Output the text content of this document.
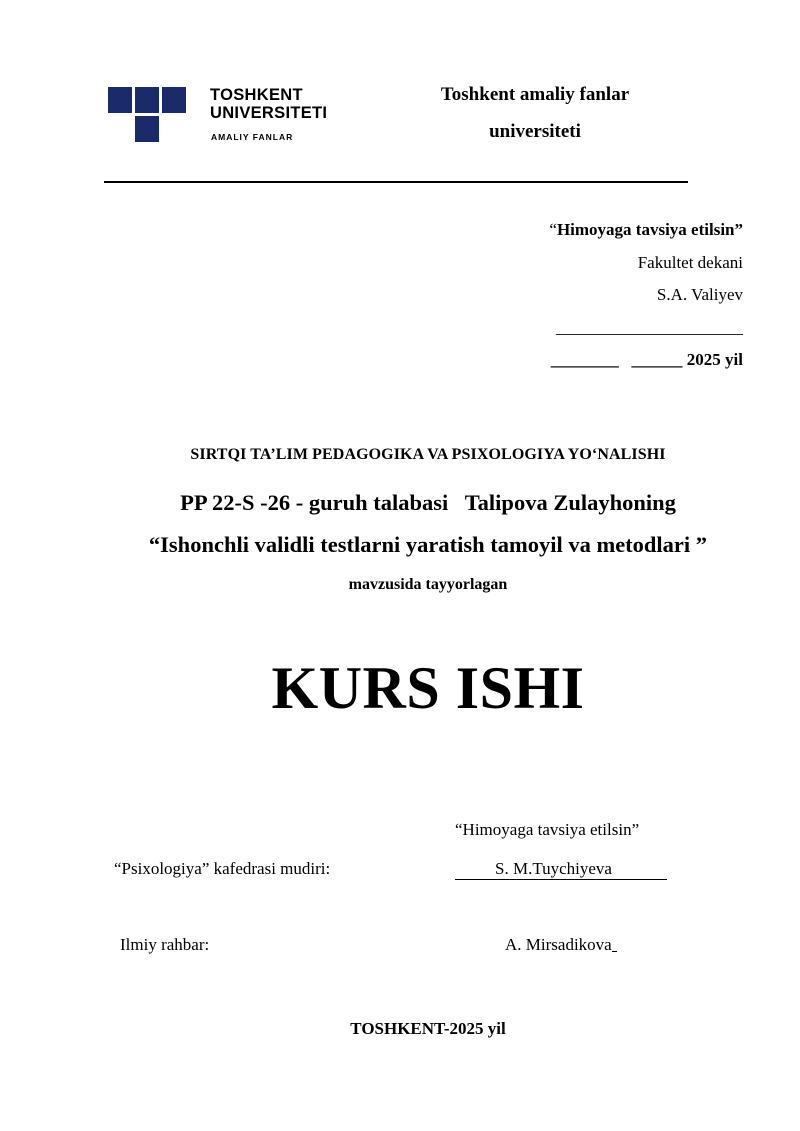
TOSHKENT
UNIVERSITETI
AMALIY FANLAR
Toshkent amaliy fanlar
universiteti
“Himoyaga tavsiya etilsin”
Fakultet dekani
S.A. Valiyev
______________________
________   ______ 2025 yil
SIRTQI TA’LIM PEDAGOGIKA VA PSIXOLOGIYA YO‘NALISHI
PP 22-S -26 - guruh talabasi   Talipova Zulayhoning
“Ishonchli validli testlarni yaratish tamoyil va metodlari ”
mavzusida tayyorlagan
KURS ISHI
“Himoyaga tavsiya etilsin”
“Psixologiya” kafedrasi mudiri:	S. M.Tuychiyeva
Ilmiy rahbar:	A. Mirsadikova
TOSHKENT-2025 yil
